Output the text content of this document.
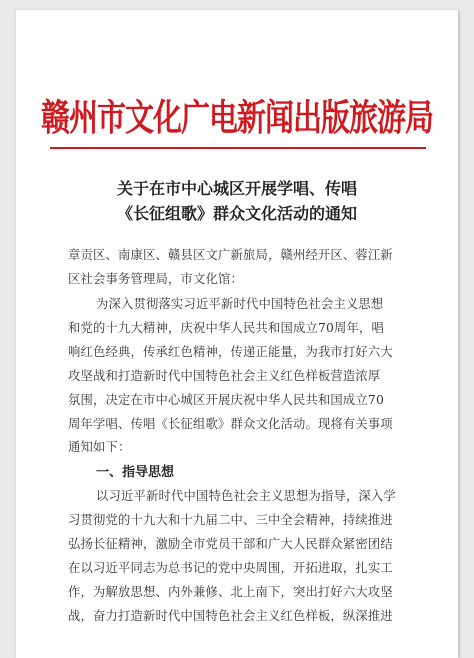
赣州市文化广电新闻出版旅游局
关于在市中心城区开展学唱、传唱
《长征组歌》群众文化活动的通知
章贡区、南康区、赣县区文广新旅局，赣州经开区、蓉江新
区社会事务管理局，市文化馆：
为深入贯彻落实习近平新时代中国特色社会主义思想
和党的十九大精神，庆祝中华人民共和国成立70周年，唱
响红色经典，传承红色精神，传递正能量，为我市打好六大
攻坚战和打造新时代中国特色社会主义红色样板营造浓厚
氛围，决定在市中心城区开展庆祝中华人民共和国成立70
周年学唱、传唱《长征组歌》群众文化活动。现将有关事项
通知如下：
一、指导思想
以习近平新时代中国特色社会主义思想为指导，深入学
习贯彻党的十九大和十九届二中、三中全会精神，持续推进
弘扬长征精神，激励全市党员干部和广大人民群众紧密团结
在以习近平同志为总书记的党中央周围，开拓进取，扎实工
作，为解放思想、内外兼修、北上南下，突出打好六大攻坚
战，奋力打造新时代中国特色社会主义红色样板，纵深推进
